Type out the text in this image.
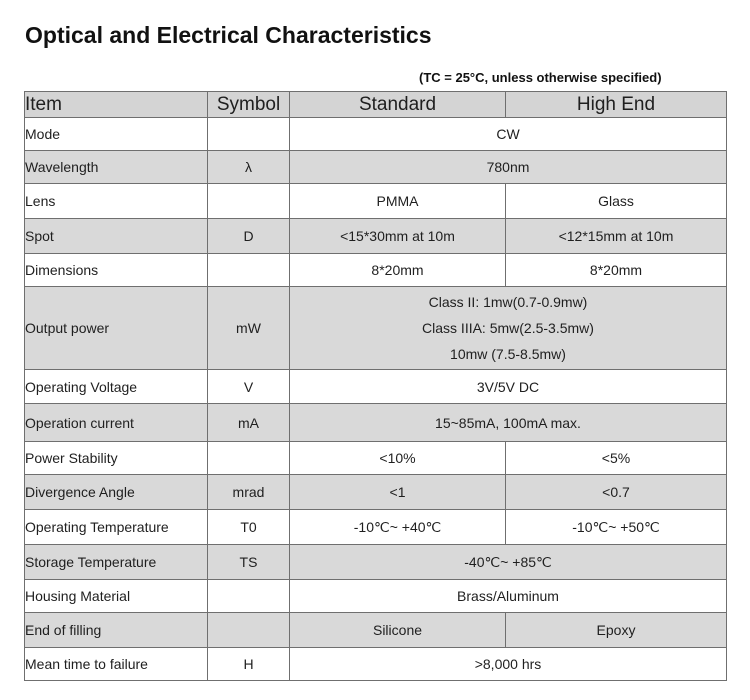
Optical and Electrical Characteristics
(TC = 25°C, unless otherwise specified)
Item	Symbol	Standard	High End
Mode		CW	
Wavelength	λ	780nm	
Lens		PMMA	Glass
Spot	D	<15*30mm at 10m	<12*15mm at 10m
Dimensions		8*20mm	8*20mm
Output power	mW	Class II: 1mw(0.7-0.9mw)
Class IIIA: 5mw(2.5-3.5mw)
10mw (7.5-8.5mw)	

Operating Voltage	V	3V/5V DC	
Operation current	mA	15~85mA, 100mA max.	
Power Stability		<10%	<5%
Divergence Angle	mrad	<1	<0.7
Operating Temperature	T0	-10℃~ +40℃	-10℃~ +50℃
Storage Temperature	TS	-40℃~ +85℃	
Housing Material		Brass/Aluminum	
End of filling		Silicone	Epoxy
Mean time to failure	H	>8,000 hrs	
